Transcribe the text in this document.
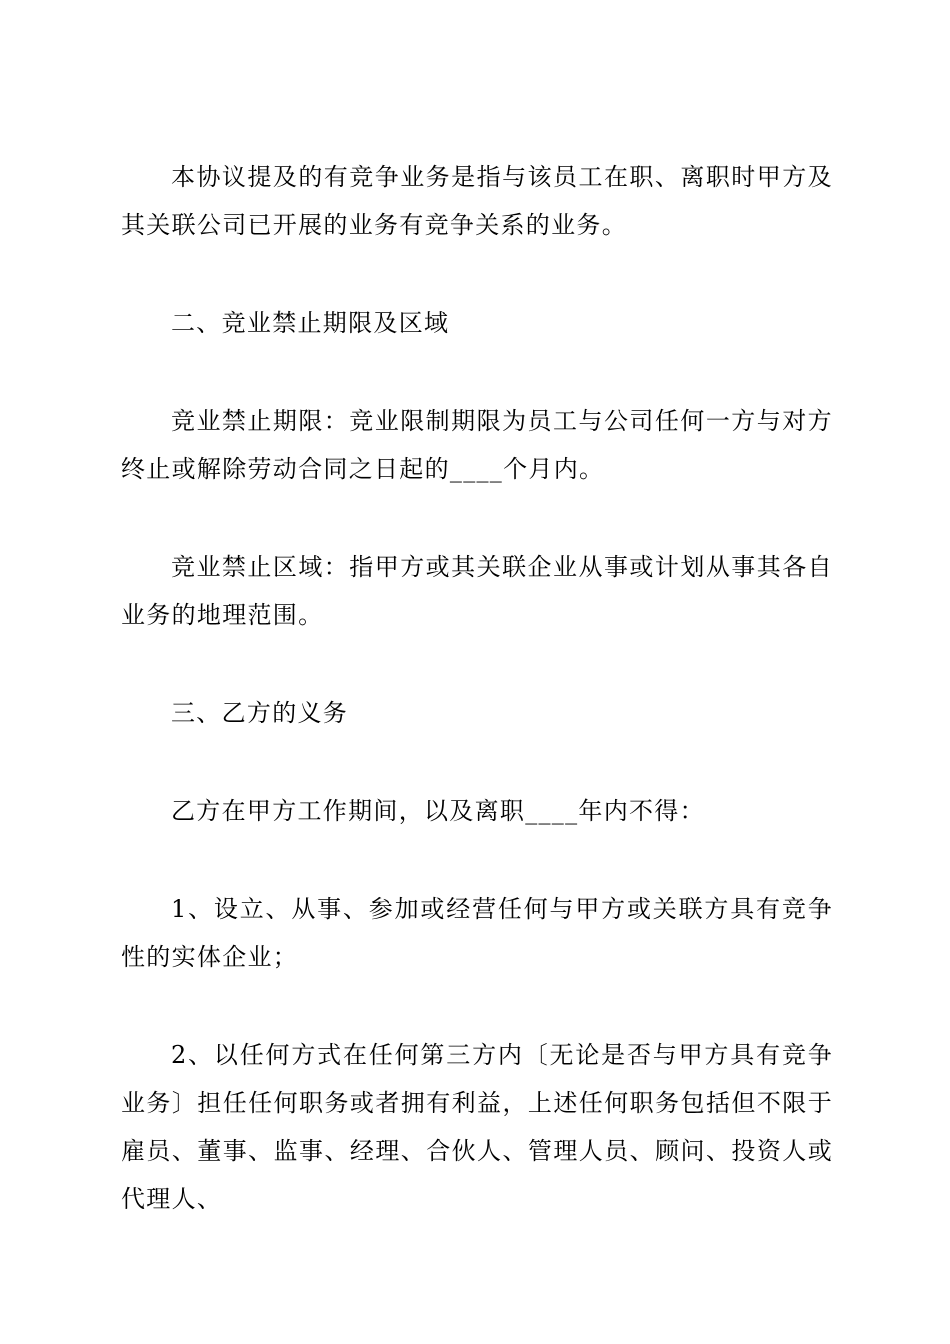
本协议提及的有竞争业务是指与该员工在职、离职时甲方及其关联公司已开展的业务有竞争关系的业务。

二、竞业禁止期限及区域

竞业禁止期限：竞业限制期限为员工与公司任何一方与对方终止或解除劳动合同之日起的____个月内。

竞业禁止区域：指甲方或其关联企业从事或计划从事其各自业务的地理范围。

三、乙方的义务

乙方在甲方工作期间，以及离职____年内不得：

1、设立、从事、参加或经营任何与甲方或关联方具有竞争性的实体企业；

2、以任何方式在任何第三方内〔无论是否与甲方具有竞争业务〕担任任何职务或者拥有利益，上述任何职务包括但不限于雇员、董事、监事、经理、合伙人、管理人员、顾问、投资人或代理人、
